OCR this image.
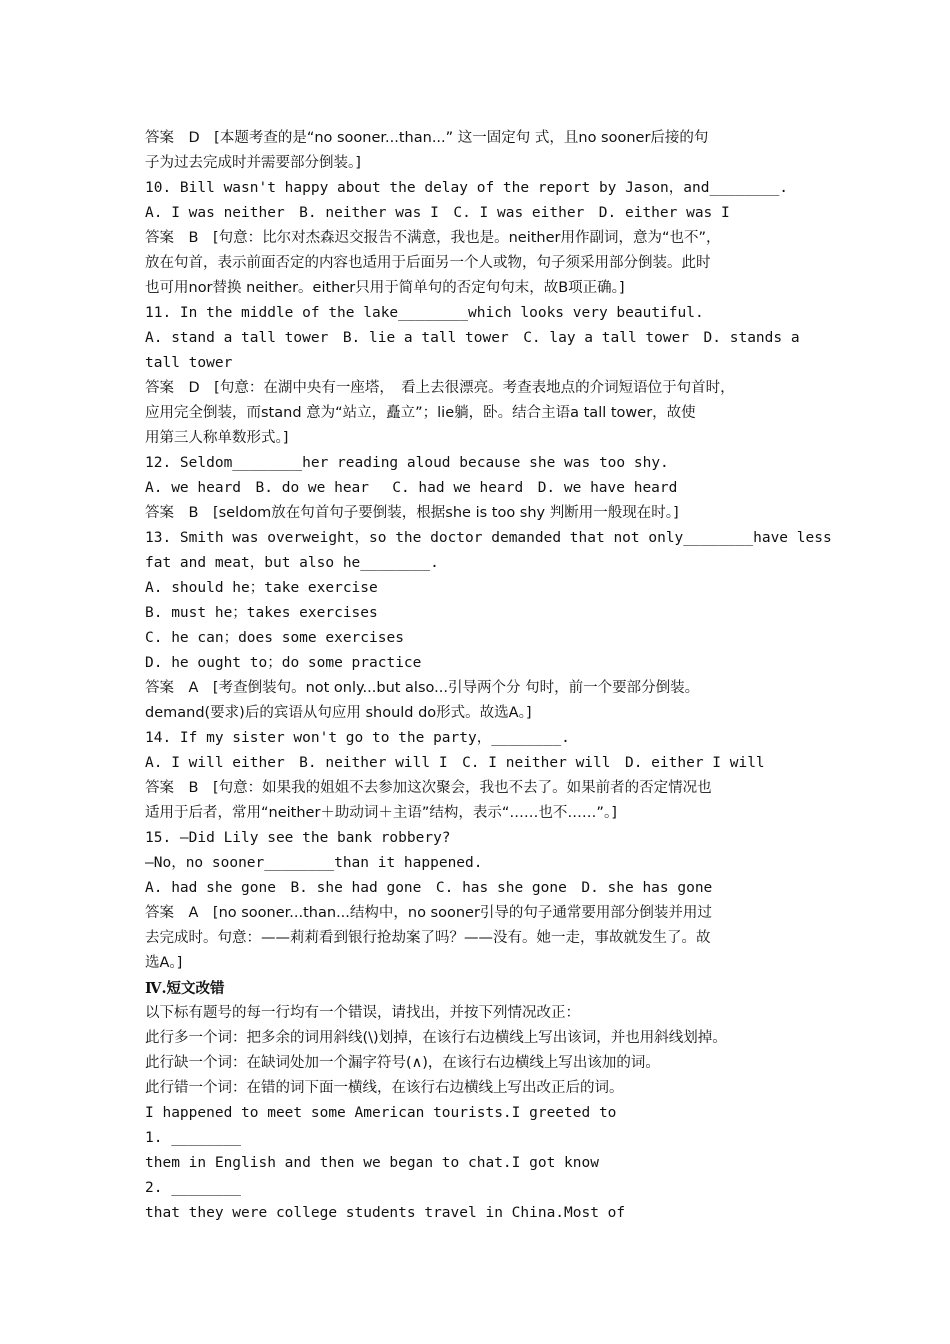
答案　D　[本题考查的是“no sooner...than...” 这一固定句 式，且no sooner后接的句
子为过去完成时并需要部分倒装。]
10. Bill wasn't happy about the delay of the report by Jason，and________.
A. I was neither　B. neither was I　C. I was either　D. either was I
答案　B　[句意：比尔对杰森迟交报告不满意，我也是。neither用作副词，意为“也不”，
放在句首，表示前面否定的内容也适用于后面另一个人或物，句子须采用部分倒装。此时
也可用nor替换 neither。either只用于简单句的否定句句末，故B项正确。]
11. In the middle of the lake________which looks very beautiful.
A. stand a tall tower　B. lie a tall tower　C. lay a tall tower　D. stands a
tall tower
答案　D　[句意：在湖中央有一座塔，　看上去很漂亮。考查表地点的介词短语位于句首时，
应用完全倒装，而stand 意为“站立，矗立”；lie躺，卧。结合主语a tall tower，故使
用第三人称单数形式。]
12. Seldom________her reading aloud because she was too shy.
A. we heard　B. do we hear　 C. had we heard　D. we have heard
答案　B　[seldom放在句首句子要倒装，根据she is too shy 判断用一般现在时。]
13. Smith was overweight，so the doctor demanded that not only________have less
fat and meat，but also he________.
A. should he；take exercise
B. must he；takes exercises
C. he can；does some exercises
D. he ought to；do some practice
答案　A　[考查倒装句。not only...but also...引导两个分 句时，前一个要部分倒装。
demand(要求)后的宾语从句应用 should do形式。故选A。]
14. If my sister won't go to the party，________.
A. I will either　B. neither will I　C. I neither will　D. either I will
答案　B　[句意：如果我的姐姐不去参加这次聚会，我也不去了。如果前者的否定情况也
适用于后者，常用“neither＋助动词＋主语”结构，表示“……也不……”。]
15. —Did Lily see the bank robbery?
—No，no sooner________than it happened.
A. had she gone　B. she had gone　C. has she gone　D. she has gone
答案　A　[no sooner...than...结构中，no sooner引导的句子通常要用部分倒装并用过
去完成时。句意：——莉莉看到银行抢劫案了吗？——没有。她一走，事故就发生了。故
选A。]
Ⅳ.短文改错
以下标有题号的每一行均有一个错误，请找出，并按下列情况改正：
此行多一个词：把多余的词用斜线(\)划掉，在该行右边横线上写出该词，并也用斜线划掉。
此行缺一个词：在缺词处加一个漏字符号(∧)，在该行右边横线上写出该加的词。
此行错一个词：在错的词下面一横线，在该行右边横线上写出改正后的词。
I happened to meet some American tourists.I greeted to
1. ________
them in English and then we began to chat.I got know
2. ________
that they were college students travel in China.Most of
